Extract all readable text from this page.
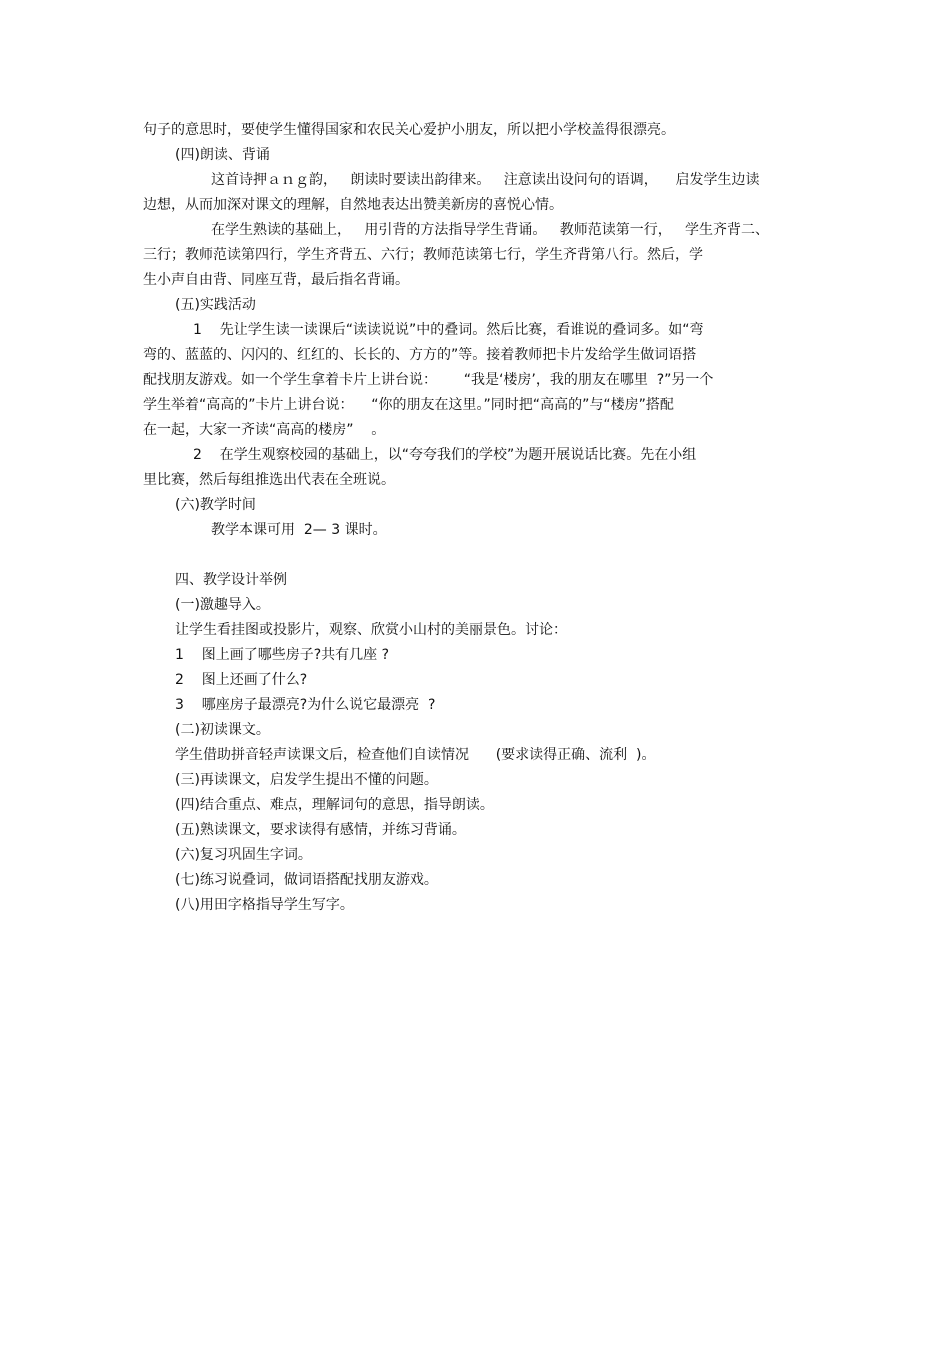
句子的意思时，要使学生懂得国家和农民关心爱护小朋友，所以把小学校盖得很漂亮。

(四)朗读、背诵

这首诗押ａｎｇ韵，   朗读时要读出韵律来。   注意读出设问句的语调，    启发学生边读

边想，从而加深对课文的理解，自然地表达出赞美新房的喜悦心情。

在学生熟读的基础上，   用引背的方法指导学生背诵。   教师范读第一行，   学生齐背二、

三行；教师范读第四行，学生齐背五、六行；教师范读第七行，学生齐背第八行。然后，学

生小声自由背、同座互背，最后指名背诵。

(五)实践活动

1    先让学生读一读课后“读读说说”中的叠词。然后比赛，看谁说的叠词多。如“弯

弯的、蓝蓝的、闪闪的、红红的、长长的、方方的”等。接着教师把卡片发给学生做词语搭

配找朋友游戏。如一个学生拿着卡片上讲台说：      “我是‘楼房’，我的朋友在哪里  ?”另一个

学生举着“高高的”卡片上讲台说：    “你的朋友在这里。”同时把“高高的”与“楼房”搭配

在一起，大家一齐读“高高的楼房”    。

2    在学生观察校园的基础上，以“夸夸我们的学校”为题开展说话比赛。先在小组

里比赛，然后每组推选出代表在全班说。

(六)教学时间

教学本课可用  2— 3 课时。

四、教学设计举例

(一)激趣导入。

让学生看挂图或投影片，观察、欣赏小山村的美丽景色。讨论：

1    图上画了哪些房子?共有几座 ?

2    图上还画了什么?

3    哪座房子最漂亮?为什么说它最漂亮  ?

(二)初读课文。

学生借助拼音轻声读课文后，检查他们自读情况      (要求读得正确、流利  )。

(三)再读课文，启发学生提出不懂的问题。

(四)结合重点、难点，理解词句的意思，指导朗读。

(五)熟读课文，要求读得有感情，并练习背诵。

(六)复习巩固生字词。

(七)练习说叠词，做词语搭配找朋友游戏。

(八)用田字格指导学生写字。
